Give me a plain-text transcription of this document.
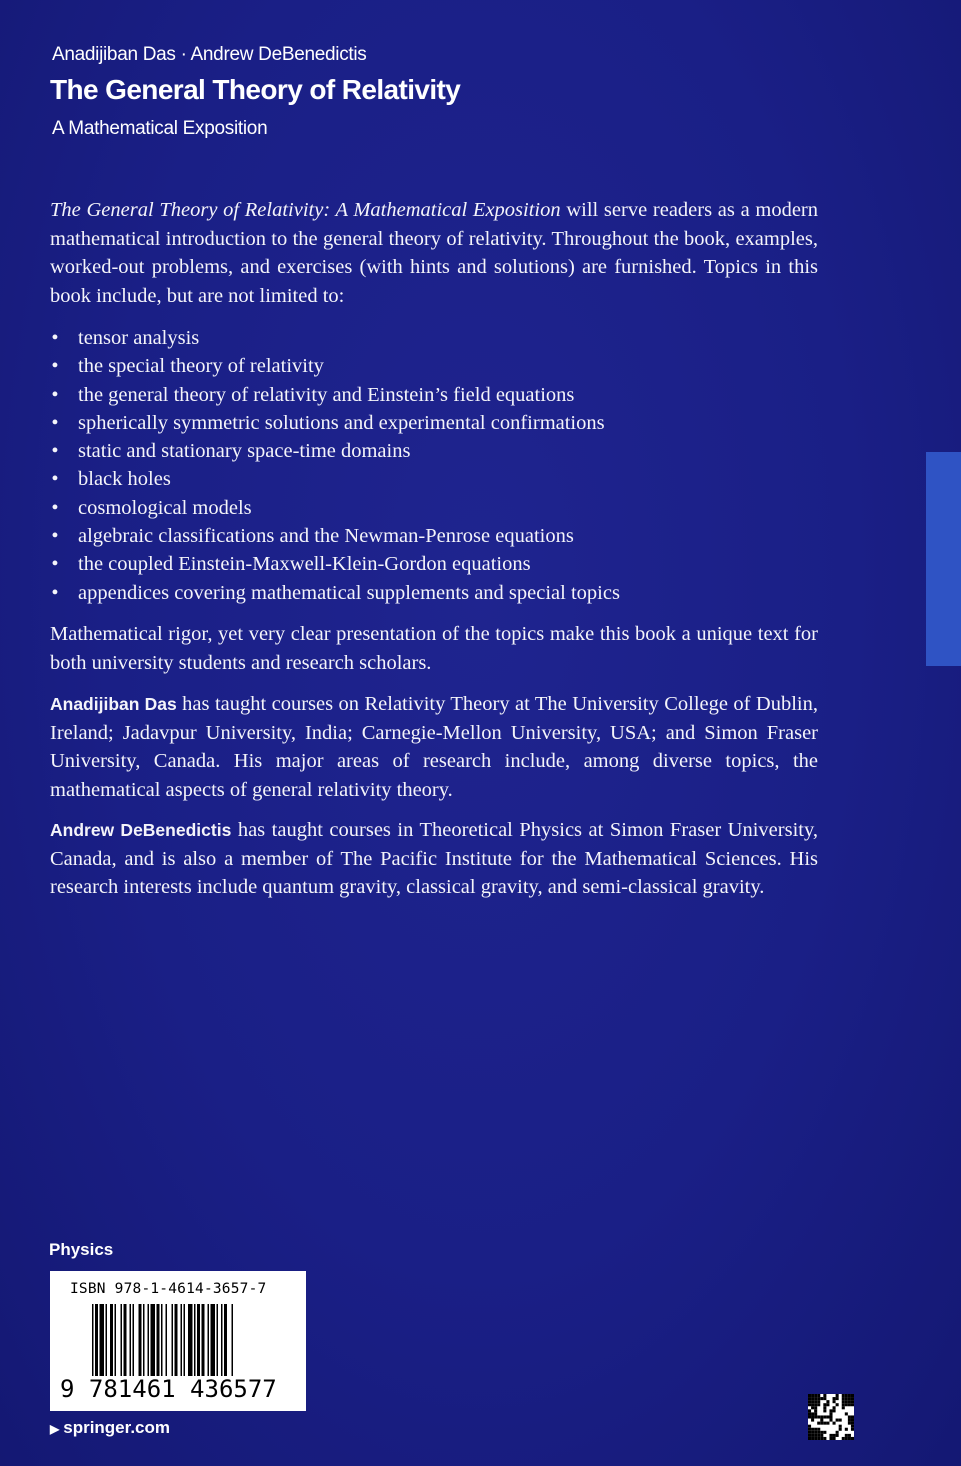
Anadijiban Das · Andrew DeBenedictis
The General Theory of Relativity
A Mathematical Exposition
The General Theory of Relativity: A Mathematical Exposition will serve readers as a modern mathematical introduction to the general theory of relativity. Throughout the book, examples, worked-out problems, and exercises (with hints and solutions) are furnished. Topics in this book include, but are not limited to:
• tensor analysis
• the special theory of relativity
• the general theory of relativity and Einstein’s field equations
• spherically symmetric solutions and experimental confirmations
• static and stationary space-time domains
• black holes
• cosmological models
• algebraic classifications and the Newman-Penrose equations
• the coupled Einstein-Maxwell-Klein-Gordon equations
• appendices covering mathematical supplements and special topics
Mathematical rigor, yet very clear presentation of the topics make this book a unique text for both university students and research scholars.
Anadijiban Das has taught courses on Relativity Theory at The University College of Dublin, Ireland; Jadavpur University, India; Carnegie-Mellon University, USA; and Simon Fraser University, Canada. His major areas of research include, among diverse topics, the mathematical aspects of general relativity theory.
Andrew DeBenedictis has taught courses in Theoretical Physics at Simon Fraser University, Canada, and is also a member of The Pacific Institute for the Mathematical Sciences. His research interests include quantum gravity, classical gravity, and semi-classical gravity.
Physics
ISBN 978-1-4614-3657-7
9 781461 436577
▶ springer.com
